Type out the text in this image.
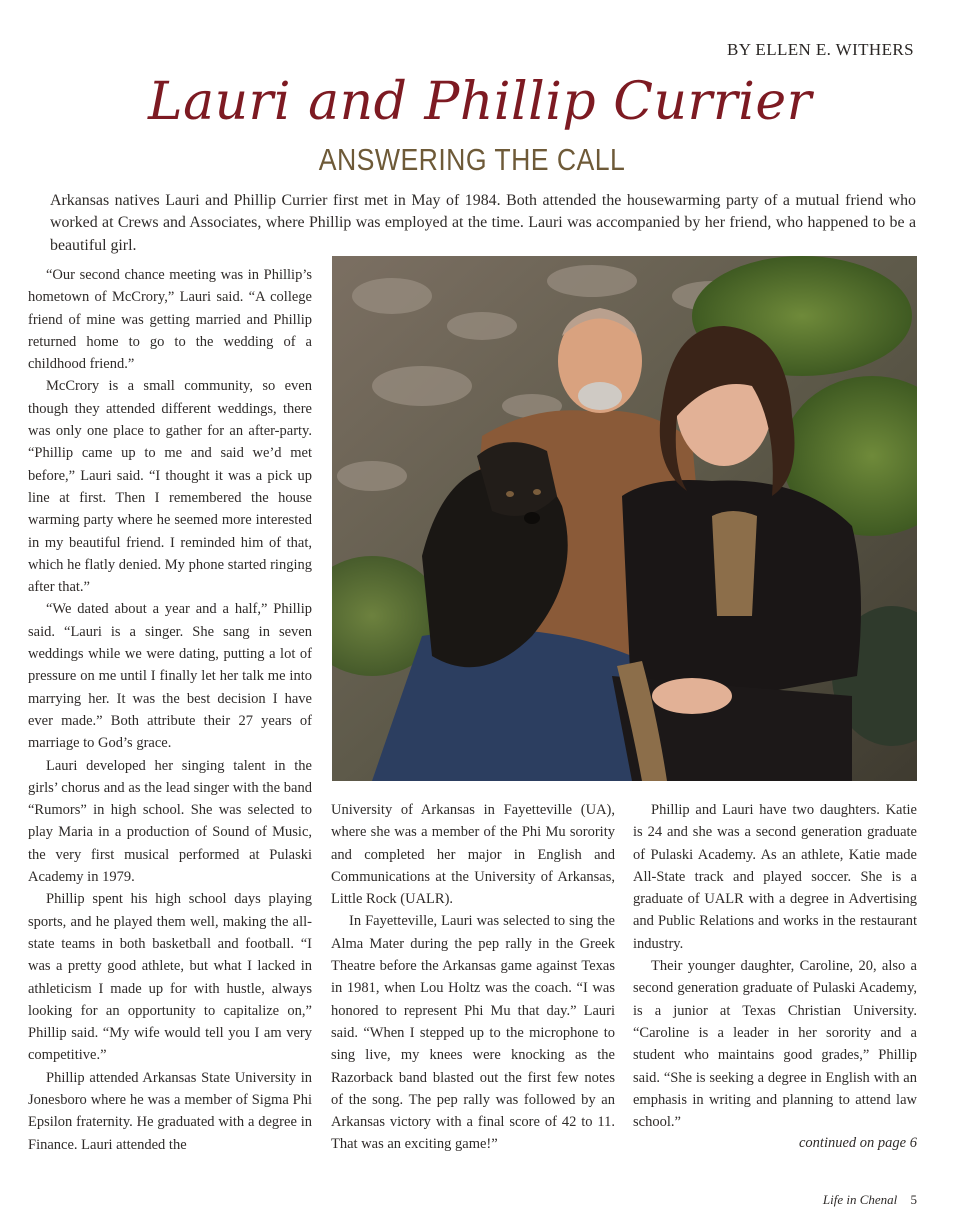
BY ELLEN E. WITHERS
Lauri and Phillip Currier
ANSWERING THE CALL

Arkansas natives Lauri and Phillip Currier first met in May of 1984. Both attended the housewarming party of a mutual friend who worked at Crews and Associates, where Phillip was employed at the time. Lauri was accompanied by her friend, who happened to be a beautiful girl.

“Our second chance meeting was in Phillip’s hometown of McCrory,” Lauri said. “A college friend of mine was getting married and Phillip returned home to go to the wedding of a childhood friend.”

McCrory is a small community, so even though they attended different weddings, there was only one place to gather for an after-party. “Phillip came up to me and said we’d met before,” Lauri said. “I thought it was a pick up line at first. Then I remembered the house warming party where he seemed more interested in my beautiful friend. I reminded him of that, which he flatly denied. My phone started ringing after that.”

“We dated about a year and a half,” Phillip said. “Lauri is a singer. She sang in seven weddings while we were dating, putting a lot of pressure on me until I finally let her talk me into marrying her. It was the best decision I have ever made.” Both attribute their 27 years of marriage to God’s grace.

Lauri developed her singing talent in the girls’ chorus and as the lead singer with the band “Rumors” in high school. She was selected to play Maria in a production of Sound of Music, the very first musical performed at Pulaski Academy in 1979.

Phillip spent his high school days playing sports, and he played them well, making the all-state teams in both basketball and football. “I was a pretty good athlete, but what I lacked in athleticism I made up for with hustle, always looking for an opportunity to capitalize on,” Phillip said. “My wife would tell you I am very competitive.”

Phillip attended Arkansas State University in Jonesboro where he was a member of Sigma Phi Epsilon fraternity. He graduated with a degree in Finance. Lauri attended the

University of Arkansas in Fayetteville (UA), where she was a member of the Phi Mu sorority and completed her major in English and Communications at the University of Arkansas, Little Rock (UALR).

In Fayetteville, Lauri was selected to sing the Alma Mater during the pep rally in the Greek Theatre before the Arkansas game against Texas in 1981, when Lou Holtz was the coach. “I was honored to represent Phi Mu that day.” Lauri said. “When I stepped up to the microphone to sing live, my knees were knocking as the Razorback band blasted out the first few notes of the song. The pep rally was followed by an Arkansas victory with a final score of 42 to 11. That was an exciting game!”

Phillip and Lauri have two daughters. Katie is 24 and she was a second generation graduate of Pulaski Academy. As an athlete, Katie made All-State track and played soccer. She is a graduate of UALR with a degree in Advertising and Public Relations and works in the restaurant industry.

Their younger daughter, Caroline, 20, also a second generation graduate of Pulaski Academy, is a junior at Texas Christian University. “Caroline is a leader in her sorority and a student who maintains good grades,” Phillip said. “She is seeking a degree in English with an emphasis in writing and planning to attend law school.”

continued on page 6
Life in Chenal 5
